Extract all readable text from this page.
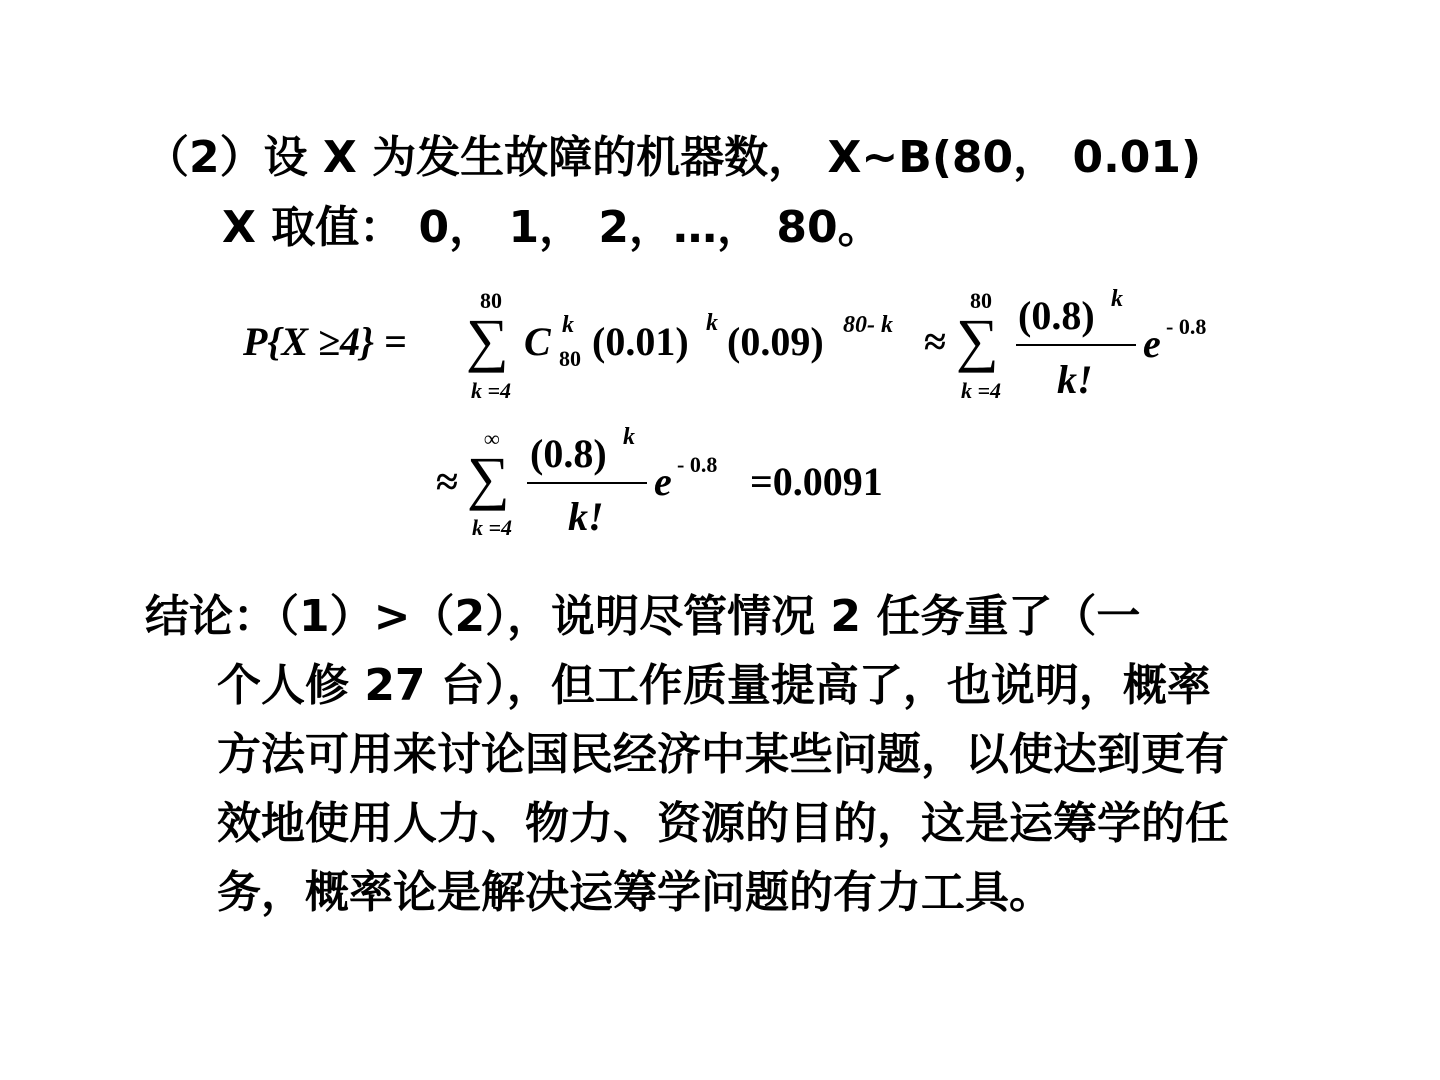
（2）设 X 为发生故障的机器数， X~B(80， 0.01)
X 取值： 0， 1， 2，…， 80。
P{X ≥4} =
80
∑
k =4
C k
80 (0.01) k (0.09) 80- k ≈
80
∑
k =4
(0.8) k
k!
e - 0.8
≈
∞
∑
k =4
(0.8) k
k!
e - 0.8 =0.0091
结论：（1）>（2），说明尽管情况 2 任务重了（一
个人修 27 台），但工作质量提高了，也说明，概率
方法可用来讨论国民经济中某些问题，以使达到更有
效地使用人力、物力、资源的目的，这是运筹学的任
务，概率论是解决运筹学问题的有力工具。
